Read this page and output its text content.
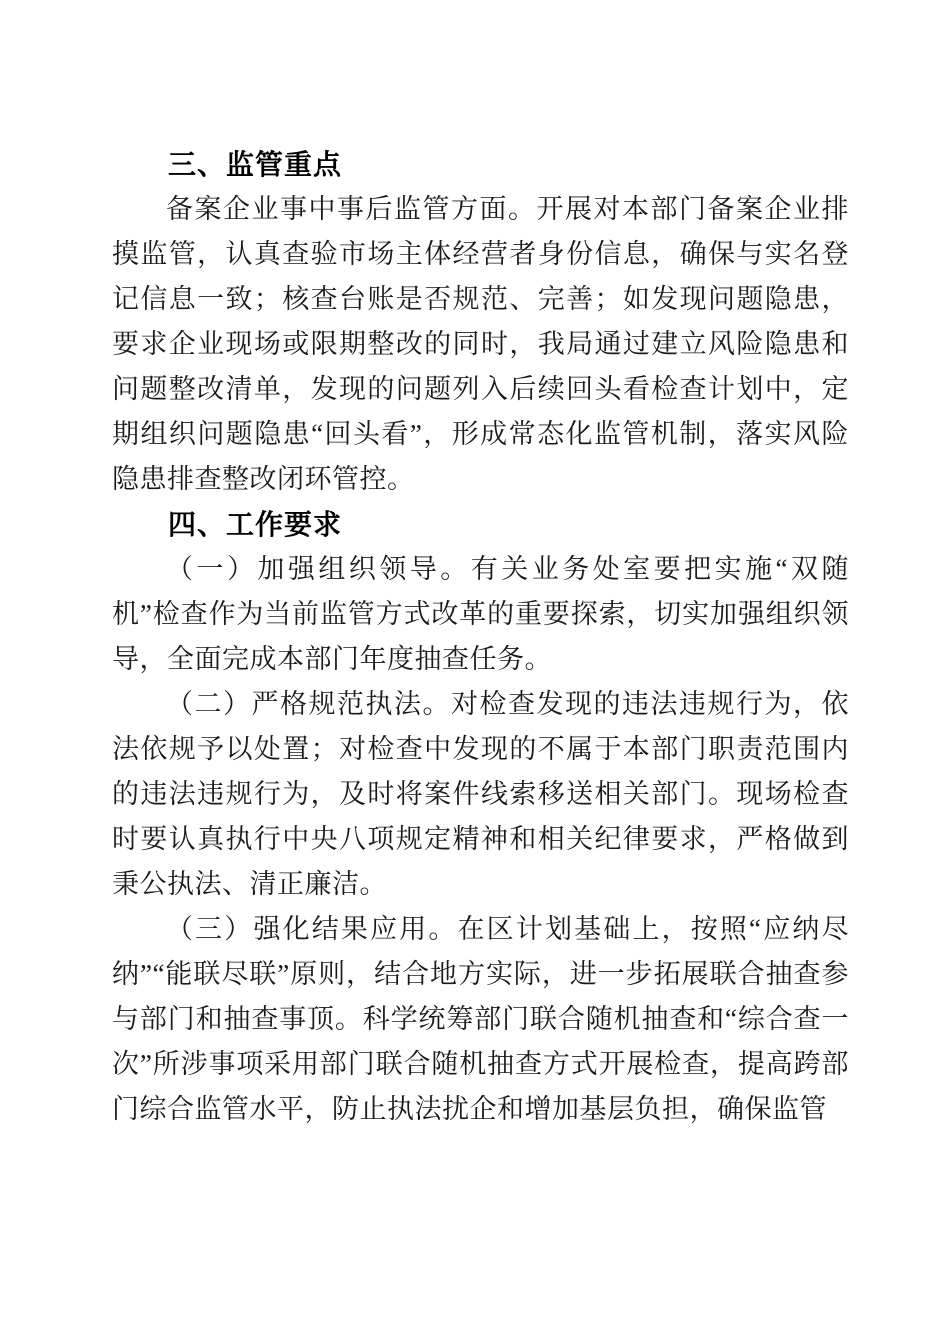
三、监管重点

备案企业事中事后监管方面。开展对本部门备案企业排摸监管，认真查验市场主体经营者身份信息，确保与实名登记信息一致；核查台账是否规范、完善；如发现问题隐患，要求企业现场或限期整改的同时，我局通过建立风险隐患和问题整改清单，发现的问题列入后续回头看检查计划中，定期组织问题隐患“回头看”，形成常态化监管机制，落实风险隐患排查整改闭环管控。

四、工作要求

（一）加强组织领导。有关业务处室要把实施“双随机”检查作为当前监管方式改革的重要探索，切实加强组织领导，全面完成本部门年度抽查任务。

（二）严格规范执法。对检查发现的违法违规行为，依法依规予以处置；对检查中发现的不属于本部门职责范围内的违法违规行为，及时将案件线索移送相关部门。现场检查时要认真执行中央八项规定精神和相关纪律要求，严格做到秉公执法、清正廉洁。

（三）强化结果应用。在区计划基础上，按照“应纳尽纳”“能联尽联”原则，结合地方实际，进一步拓展联合抽查参与部门和抽查事顶。科学统筹部门联合随机抽查和“综合查一次”所涉事项采用部门联合随机抽查方式开展检查，提高跨部门综合监管水平，防止执法扰企和增加基层负担，确保监管
